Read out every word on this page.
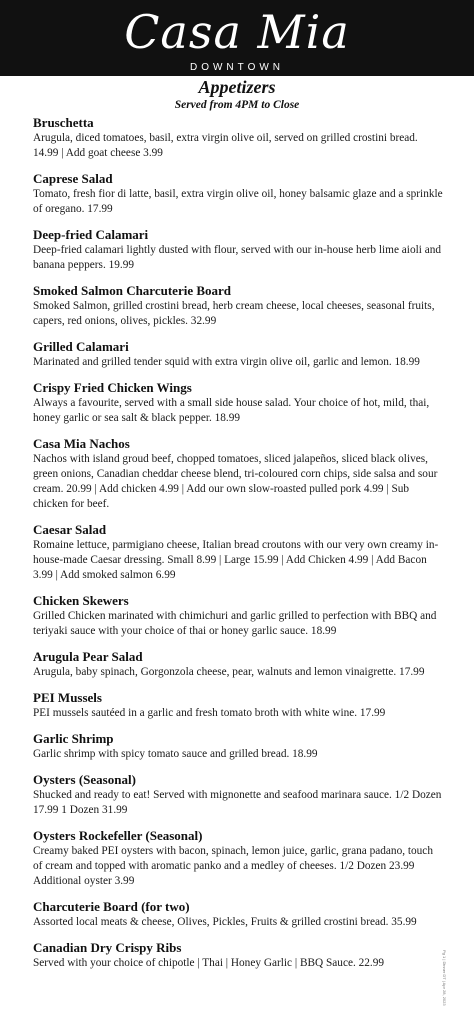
Casa Mia
DOWNTOWN
Appetizers
Served from 4PM to Close
Bruschetta
Arugula, diced tomatoes, basil, extra virgin olive oil, served on grilled crostini bread. 14.99 | Add goat cheese 3.99
Caprese Salad
Tomato, fresh fior di latte, basil, extra virgin olive oil, honey balsamic glaze and a sprinkle of oregano. 17.99
Deep-fried Calamari
Deep-fried calamari lightly dusted with flour, served with our in-house herb lime aioli and banana peppers. 19.99
Smoked Salmon Charcuterie Board
Smoked Salmon, grilled crostini bread, herb cream cheese, local cheeses, seasonal fruits, capers, red onions, olives, pickles. 32.99
Grilled Calamari
Marinated and grilled tender squid with extra virgin olive oil, garlic and lemon. 18.99
Crispy Fried Chicken Wings
Always a favourite, served with a small side house salad. Your choice of hot, mild, thai, honey garlic or sea salt & black pepper. 18.99
Casa Mia Nachos
Nachos with island groud beef, chopped tomatoes, sliced jalapeños, sliced black olives, green onions, Canadian cheddar cheese blend, tri-coloured corn chips, side salsa and sour cream. 20.99 | Add chicken 4.99 | Add our own slow-roasted pulled pork 4.99 | Sub chicken for beef.
Caesar Salad
Romaine lettuce, parmigiano cheese, Italian bread croutons with our very own creamy in-house-made Caesar dressing. Small 8.99 | Large 15.99 | Add Chicken 4.99 | Add Bacon 3.99 | Add smoked salmon 6.99
Chicken Skewers
Grilled Chicken marinated with chimichuri and garlic grilled to perfection with BBQ and teriyaki sauce with your choice of thai or honey garlic sauce. 18.99
Arugula Pear Salad
Arugula, baby spinach, Gorgonzola cheese, pear, walnuts and lemon vinaigrette. 17.99
PEI Mussels
PEI mussels sautéed in a garlic and fresh tomato broth with white wine. 17.99
Garlic Shrimp
Garlic shrimp with spicy tomato sauce and grilled bread. 18.99
Oysters (Seasonal)
Shucked and ready to eat! Served with mignonette and seafood marinara sauce. 1/2 Dozen 17.99 1 Dozen 31.99
Oysters Rockefeller (Seasonal)
Creamy baked PEI oysters with bacon, spinach, lemon juice, garlic, grana padano, touch of cream and topped with aromatic panko and a medley of cheeses. 1/2 Dozen 23.99 Additional oyster 3.99
Charcuterie Board (for two)
Assorted local meats & cheese, Olives, Pickles, Fruits & grilled crostini bread. 35.99
Canadian Dry Crispy Ribs
Served with your choice of chipotle | Thai | Honey Garlic | BBQ Sauce. 22.99	Pg 1 | Dinner DT | Apr 28, 2023
